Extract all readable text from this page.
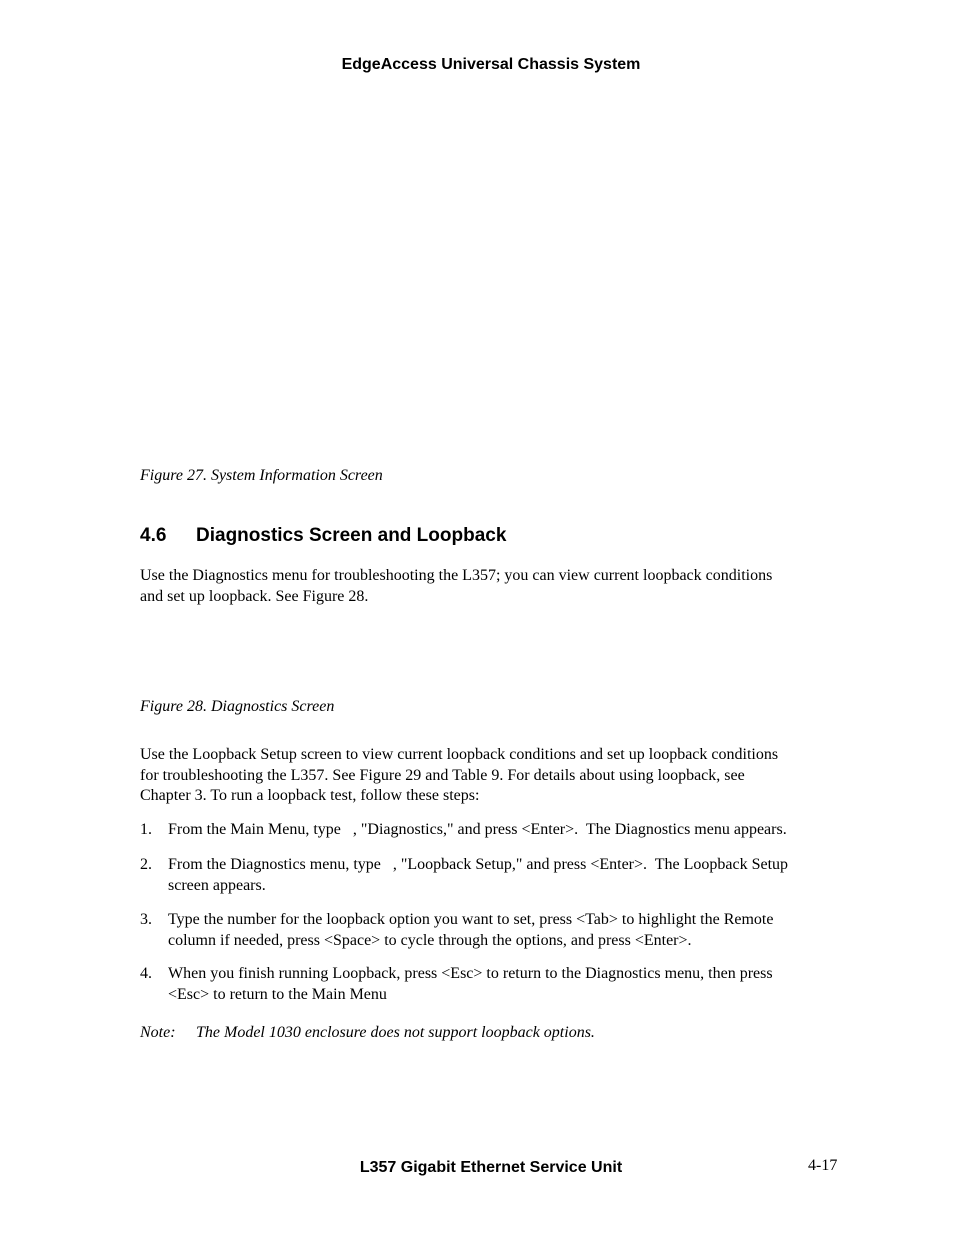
EdgeAccess Universal Chassis System
Figure 27. System Information Screen
4.6 Diagnostics Screen and Loopback
Use the Diagnostics menu for troubleshooting the L357; you can view current loopback conditions
and set up loopback. See Figure 28.
Figure 28. Diagnostics Screen
Use the Loopback Setup screen to view current loopback conditions and set up loopback conditions
for troubleshooting the L357. See Figure 29 and Table 9. For details about using loopback, see
Chapter 3. To run a loopback test, follow these steps:
1. From the Main Menu, type   , "Diagnostics," and press <Enter>.  The Diagnostics menu appears.
2. From the Diagnostics menu, type   , "Loopback Setup," and press <Enter>.  The Loopback Setup
screen appears.
3. Type the number for the loopback option you want to set, press <Tab> to highlight the Remote
column if needed, press <Space> to cycle through the options, and press <Enter>.
4. When you finish running Loopback, press <Esc> to return to the Diagnostics menu, then press
<Esc> to return to the Main Menu
Note: The Model 1030 enclosure does not support loopback options.
L357 Gigabit Ethernet Service Unit	4-17
